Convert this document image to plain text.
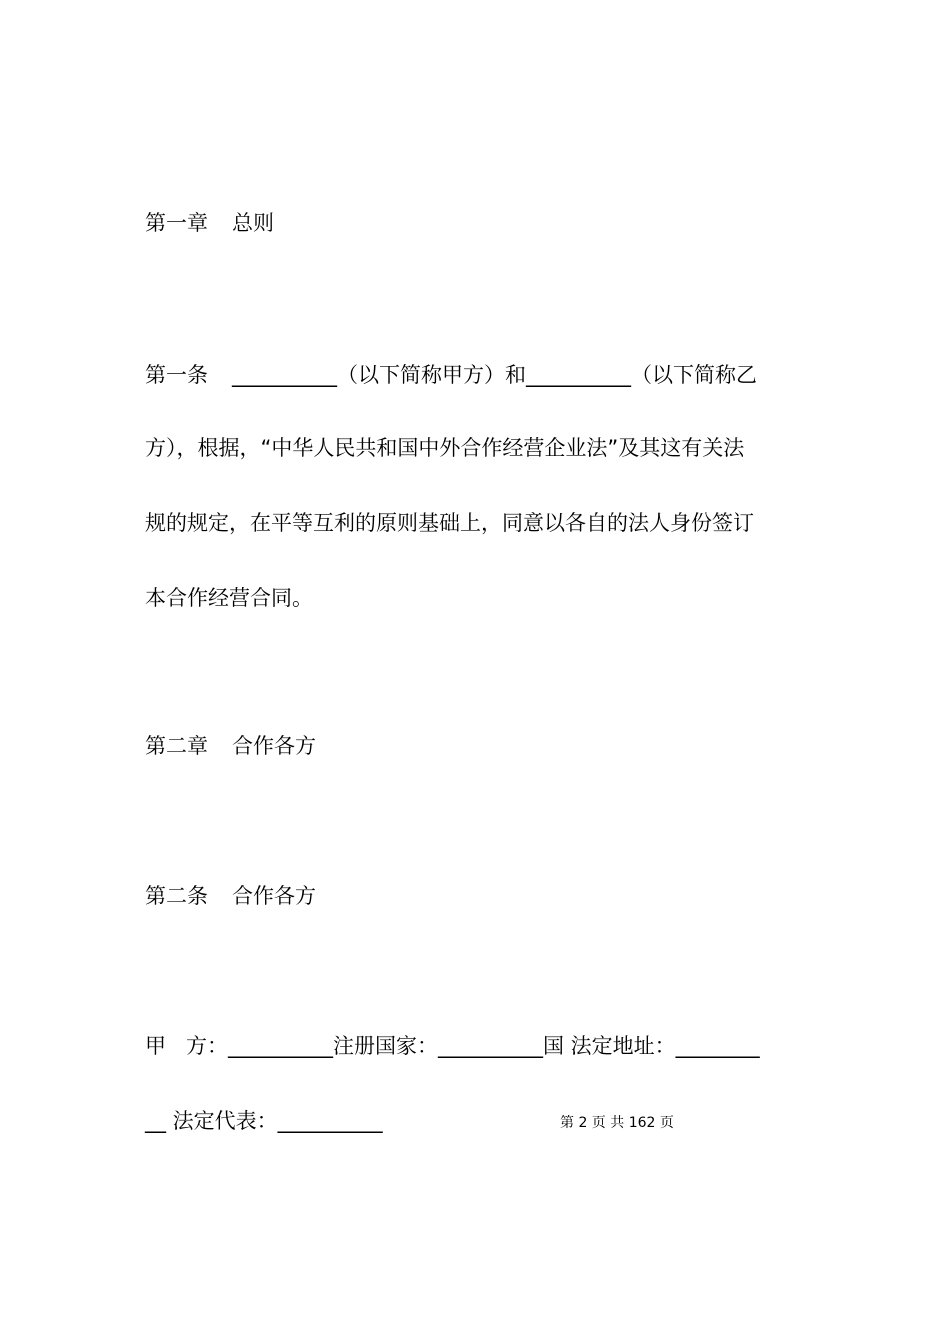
第一章 总则
第一条 __________（以下简称甲方）和__________（以下简称乙
方），根据，“中华人民共和国中外合作经营企业法”及其这有关法
规的规定，在平等互利的原则基础上，同意以各自的法人身份签订
本合作经营合同。
第二章 合作各方
第二条 合作各方
甲 方：__________注册国家：__________国 法定地址：________
__ 法定代表：__________	第 2 页 共 162 页
